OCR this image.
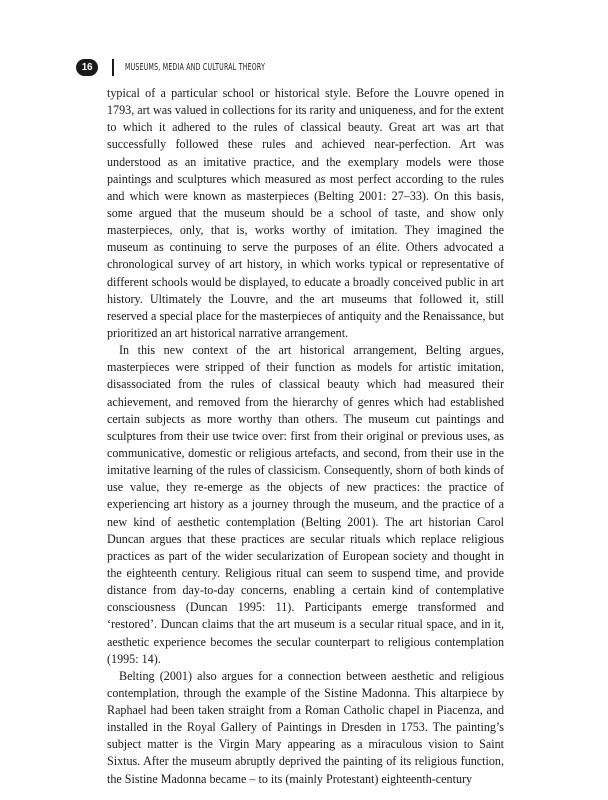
16	MUSEUMS, MEDIA AND CULTURAL THEORY

typical of a particular school or historical style. Before the Louvre opened in 1793, art was valued in collections for its rarity and uniqueness, and for the extent to which it adhered to the rules of classical beauty. Great art was art that successfully followed these rules and achieved near-perfection. Art was understood as an imitative practice, and the exemplary models were those paintings and sculptures which measured as most perfect according to the rules and which were known as masterpieces (Belting 2001: 27–33). On this basis, some argued that the museum should be a school of taste, and show only masterpieces, only, that is, works worthy of imitation. They imagined the museum as continuing to serve the purposes of an élite. Others advocated a chronological survey of art history, in which works typical or representative of different schools would be displayed, to educate a broadly conceived public in art history. Ultimately the Louvre, and the art museums that followed it, still reserved a special place for the masterpieces of antiquity and the Renaissance, but prioritized an art historical narrative arrangement.

In this new context of the art historical arrangement, Belting argues, masterpieces were stripped of their function as models for artistic imitation, disassociated from the rules of classical beauty which had measured their achievement, and removed from the hierarchy of genres which had established certain subjects as more worthy than others. The museum cut paintings and sculptures from their use twice over: first from their original or previous uses, as communicative, domestic or religious artefacts, and second, from their use in the imitative learning of the rules of classicism. Consequently, shorn of both kinds of use value, they re-emerge as the objects of new practices: the practice of experiencing art history as a journey through the museum, and the practice of a new kind of aesthetic contemplation (Belting 2001). The art historian Carol Duncan argues that these practices are secular rituals which replace religious practices as part of the wider secularization of European society and thought in the eighteenth century. Religious ritual can seem to suspend time, and provide distance from day-to-day concerns, enabling a certain kind of contemplative consciousness (Duncan 1995: 11). Participants emerge transformed and ‘restored’. Duncan claims that the art museum is a secular ritual space, and in it, aesthetic experience becomes the secular counterpart to religious contemplation (1995: 14).

Belting (2001) also argues for a connection between aesthetic and religious contemplation, through the example of the Sistine Madonna. This altarpiece by Raphael had been taken straight from a Roman Catholic chapel in Piacenza, and installed in the Royal Gallery of Paintings in Dresden in 1753. The painting’s subject matter is the Virgin Mary appearing as a miraculous vision to Saint Sixtus. After the museum abruptly deprived the painting of its religious function, the Sistine Madonna became – to its (mainly Protestant) eighteenth-century
